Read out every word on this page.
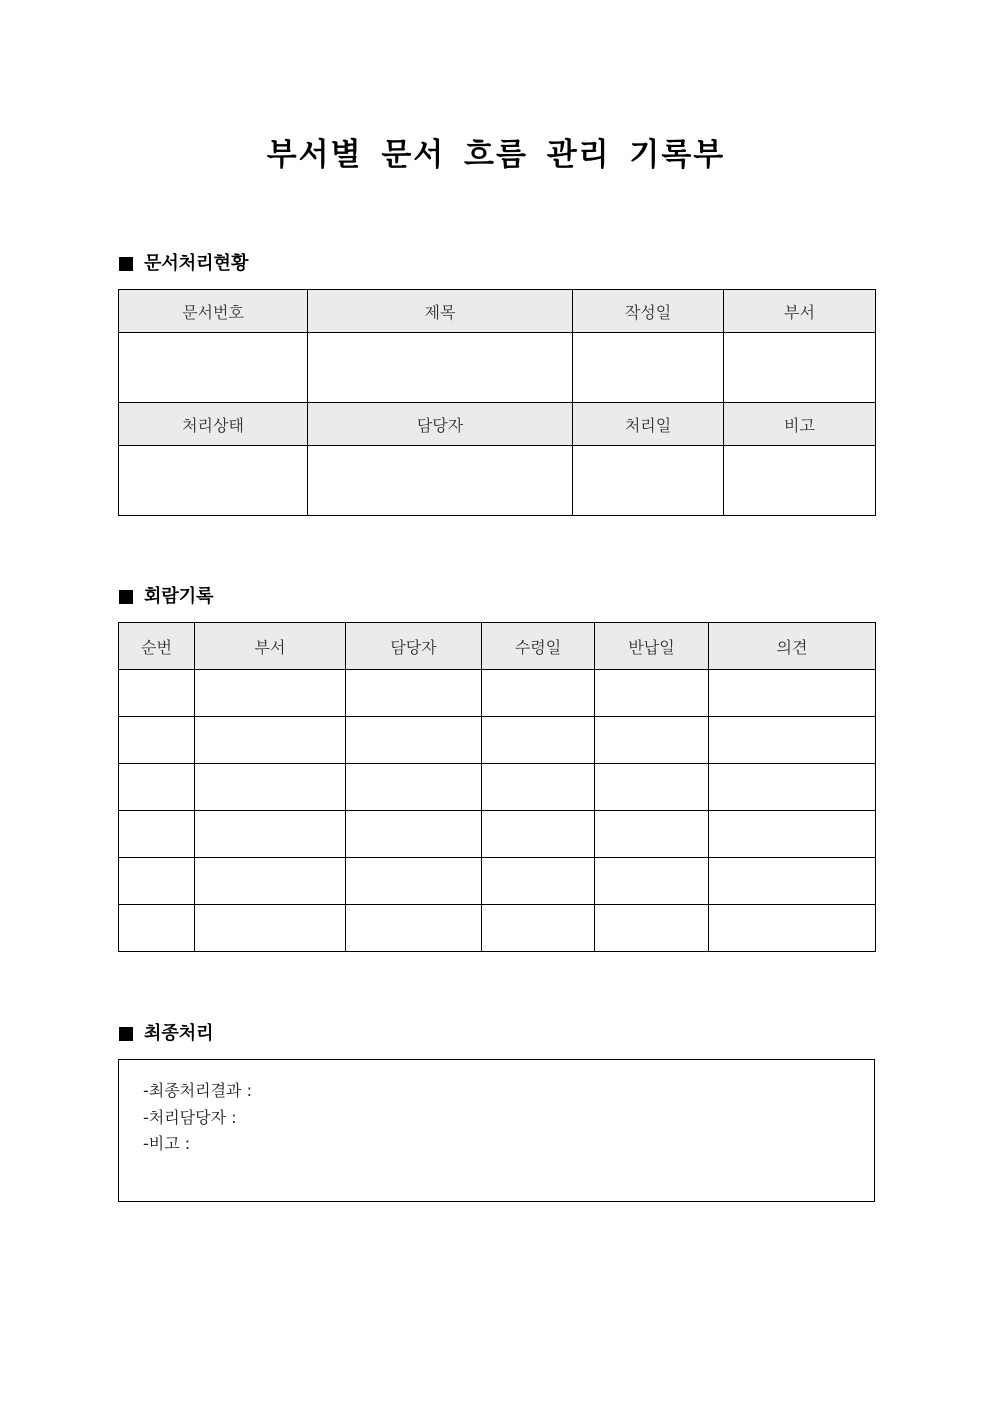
부서별 문서 흐름 관리 기록부
문서처리현황
문서번호	제목	작성일	부서

처리상태	담당자	처리일	비고

회람기록
순번	부서	담당자	수령일	반납일	의견

최종처리
-최종처리결과 :
-처리담당자 :
-비고 :
